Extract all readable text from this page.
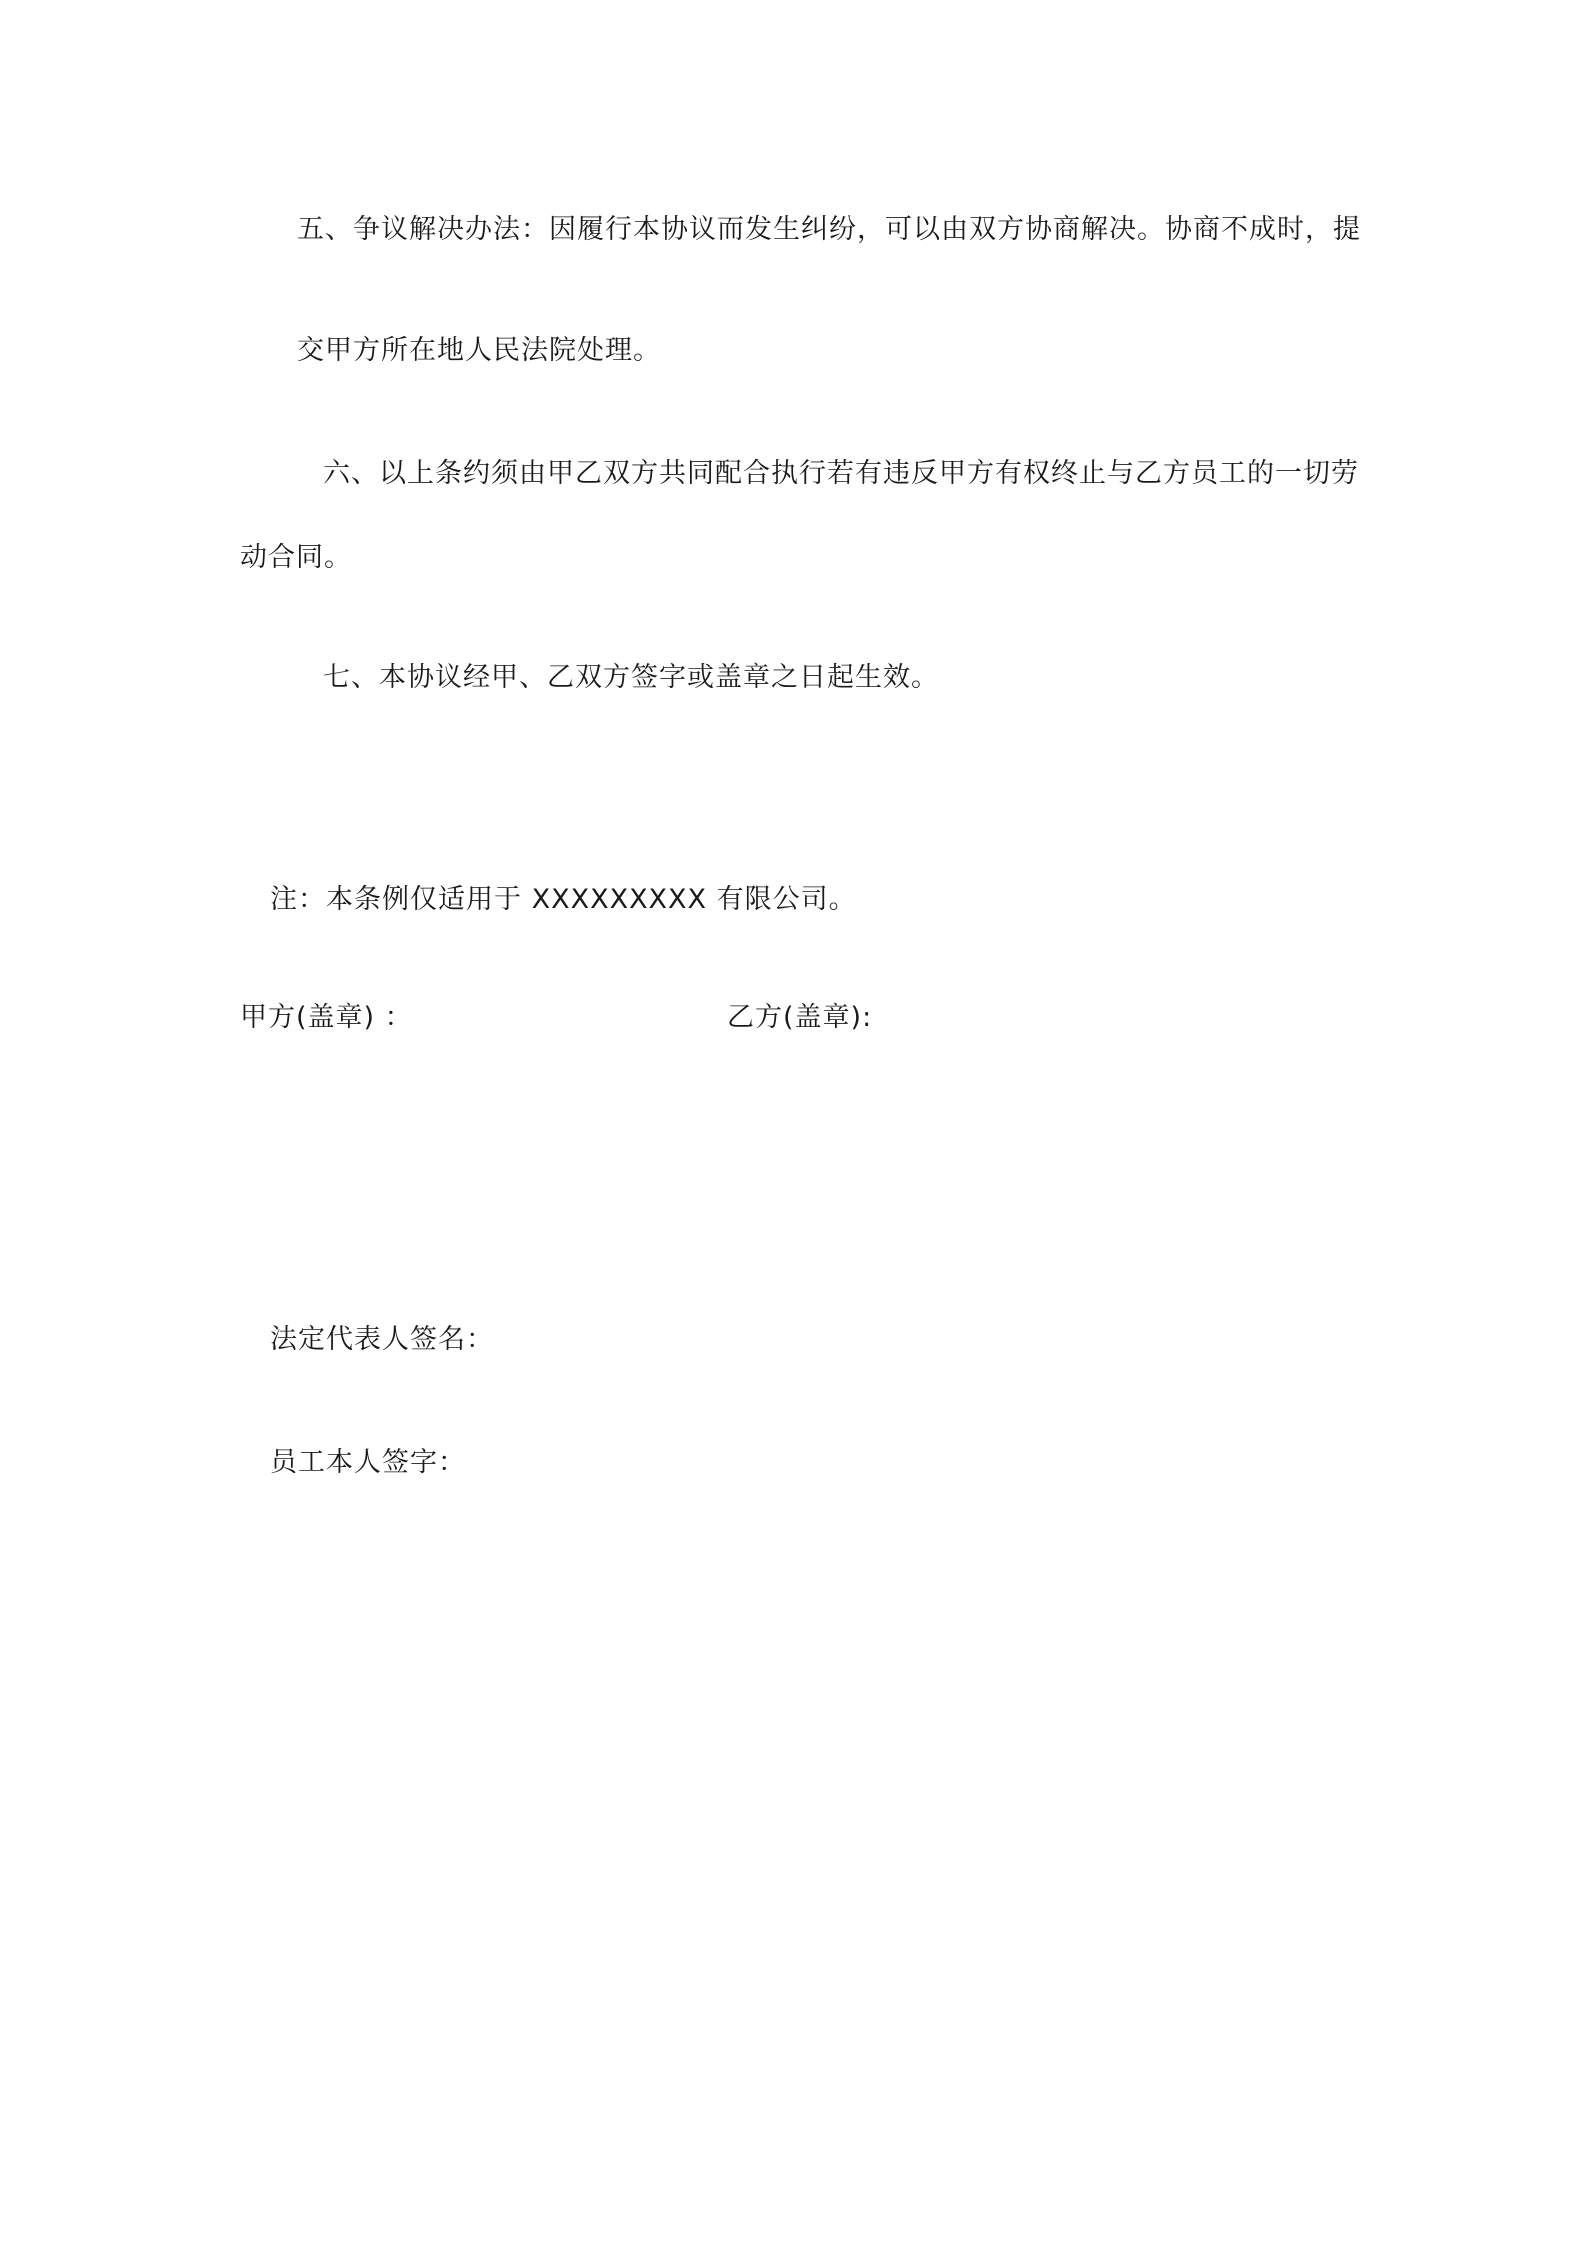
五、争议解决办法：因履行本协议而发生纠纷，可以由双方协商解决。协商不成时，提
交甲方所在地人民法院处理。
六、以上条约须由甲乙双方共同配合执行若有违反甲方有权终止与乙方员工的一切劳
动合同。
七、本协议经甲、乙双方签字或盖章之日起生效。
注：本条例仅适用于 XXXXXXXXX 有限公司。
甲方(盖章) ：	乙方(盖章):
法定代表人签名：
员工本人签字：
